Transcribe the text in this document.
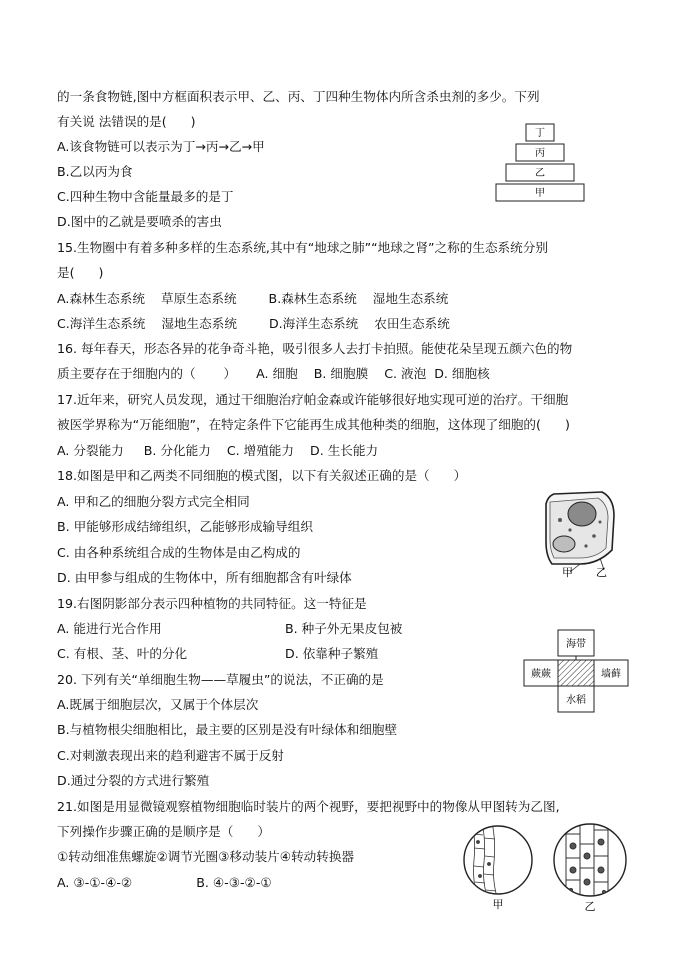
的一条食物链,图中方框面积表示甲、乙、丙、丁四种生物体内所含杀虫剂的多少。下列
有关说 法错误的是(      )
A.该食物链可以表示为丁→丙→乙→甲
B.乙以丙为食
C.四种生物中含能量最多的是丁
D.图中的乙就是要喷杀的害虫
15.生物圈中有着多种多样的生态系统,其中有“地球之肺”“地球之肾”之称的生态系统分别
是(      )
A.森林生态系统    草原生态系统        B.森林生态系统    湿地生态系统
C.海洋生态系统    湿地生态系统        D.海洋生态系统    农田生态系统
16. 每年春天，形态各异的花争奇斗艳，吸引很多人去打卡拍照。能使花朵呈现五颜六色的物
质主要存在于细胞内的（       ）     A. 细胞    B. 细胞膜    C. 液泡  D. 细胞核
17.近年来，研究人员发现，通过干细胞治疗帕金森或许能够很好地实现可逆的治疗。干细胞
被医学界称为“万能细胞”，在特定条件下它能再生成其他种类的细胞，这体现了细胞的(      )
A. 分裂能力     B. 分化能力    C. 增殖能力    D. 生长能力
18.如图是甲和乙两类不同细胞的模式图，以下有关叙述正确的是（      ）
A. 甲和乙的细胞分裂方式完全相同
B. 甲能够形成结缔组织，乙能够形成输导组织
C. 由各种系统组合成的生物体是由乙构成的
D. 由甲参与组成的生物体中，所有细胞都含有叶绿体
19.右图阴影部分表示四种植物的共同特征。这一特征是
A. 能进行光合作用	B. 种子外无果皮包被
C. 有根、茎、叶的分化	D. 依靠种子繁殖
20. 下列有关“单细胞生物——草履虫”的说法，不正确的是
A.既属于细胞层次，又属于个体层次
B.与植物根尖细胞相比，最主要的区别是没有叶绿体和细胞壁
C.对刺激表现出来的趋利避害不属于反射
D.通过分裂的方式进行繁殖
21.如图是用显微镜观察植物细胞临时装片的两个视野，要把视野中的物像从甲图转为乙图,
下列操作步骤正确的是顺序是（      ）
①转动细准焦螺旋②调节光圈③移动装片④转动转换器
A. ③-①-④-②                B. ④-③-②-①
丁
丙
乙
甲
甲 乙
海带
蕨蕨	墙藓
水稻
甲	乙
